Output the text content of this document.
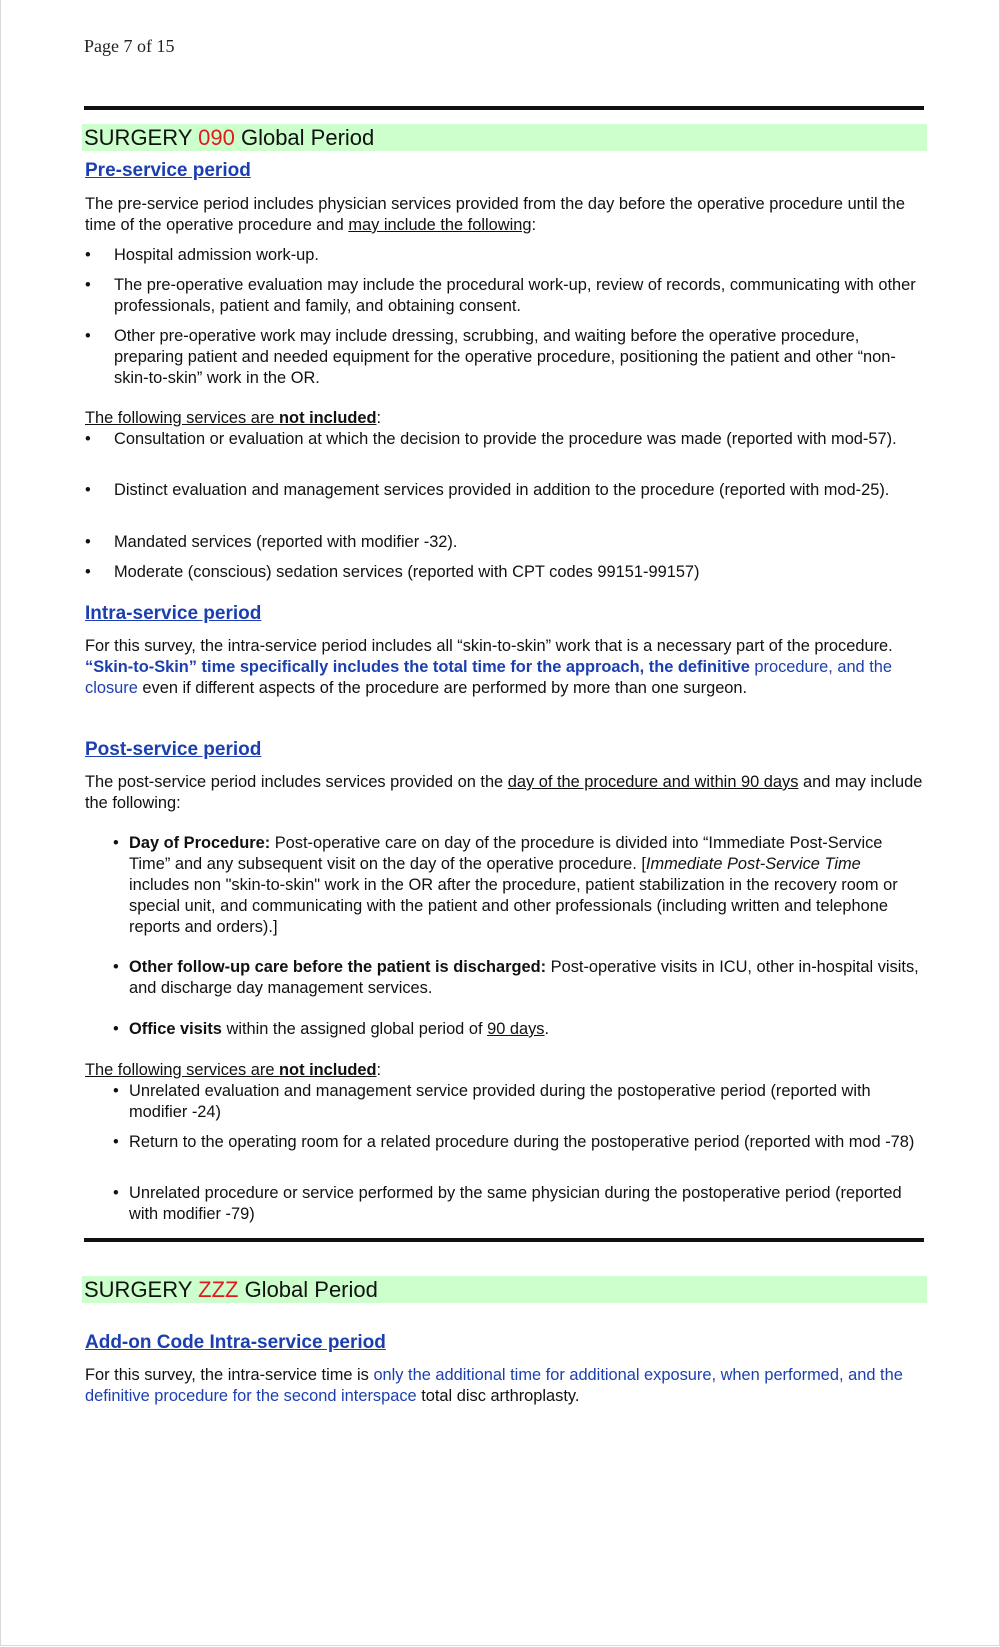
Page 7 of 15
SURGERY 090 Global Period
Pre-service period
The pre-service period includes physician services provided from the day before the operative procedure until the time of the operative procedure and may include the following:
• Hospital admission work-up.
• The pre-operative evaluation may include the procedural work-up, review of records, communicating with other professionals, patient and family, and obtaining consent.
• Other pre-operative work may include dressing, scrubbing, and waiting before the operative procedure, preparing patient and needed equipment for the operative procedure, positioning the patient and other “non-skin-to-skin” work in the OR.
The following services are not included:
• Consultation or evaluation at which the decision to provide the procedure was made (reported with mod-57).
• Distinct evaluation and management services provided in addition to the procedure (reported with mod-25).
• Mandated services (reported with modifier -32).
• Moderate (conscious) sedation services (reported with CPT codes 99151-99157)
Intra-service period
For this survey, the intra-service period includes all “skin-to-skin” work that is a necessary part of the procedure. “Skin-to-Skin” time specifically includes the total time for the approach, the definitive procedure, and the closure even if different aspects of the procedure are performed by more than one surgeon.
Post-service period
The post-service period includes services provided on the day of the procedure and within 90 days and may include the following:
• Day of Procedure: Post-operative care on day of the procedure is divided into “Immediate Post-Service Time” and any subsequent visit on the day of the operative procedure. [Immediate Post-Service Time includes non "skin-to-skin" work in the OR after the procedure, patient stabilization in the recovery room or special unit, and communicating with the patient and other professionals (including written and telephone reports and orders).]
• Other follow-up care before the patient is discharged: Post-operative visits in ICU, other in-hospital visits, and discharge day management services.
• Office visits within the assigned global period of 90 days.
The following services are not included:
• Unrelated evaluation and management service provided during the postoperative period (reported with modifier -24)
• Return to the operating room for a related procedure during the postoperative period (reported with mod -78)
• Unrelated procedure or service performed by the same physician during the postoperative period (reported with modifier -79)
SURGERY ZZZ Global Period
Add-on Code Intra-service period
For this survey, the intra-service time is only the additional time for additional exposure, when performed, and the definitive procedure for the second interspace total disc arthroplasty.
